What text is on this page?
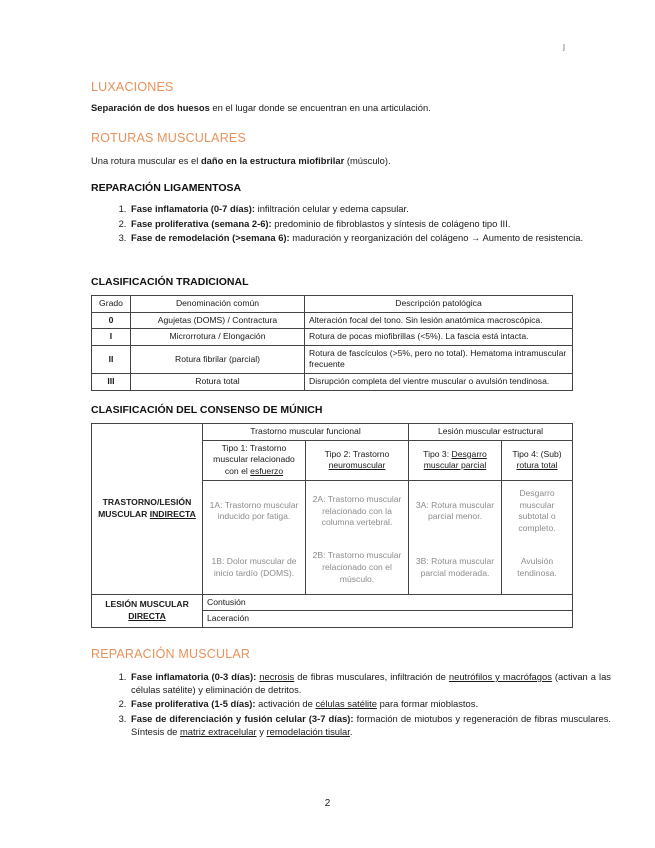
ȷ
LUXACIONES

Separación de dos huesos en el lugar donde se encuentran en una articulación.

ROTURAS MUSCULARES

Una rotura muscular es el daño en la estructura miofibrilar (músculo).

REPARACIÓN LIGAMENTOSA
1. Fase inflamatoria (0-7 días): infiltración celular y edema capsular.
2. Fase proliferativa (semana 2-6): predominio de fibroblastos y síntesis de colágeno tipo III.
3. Fase de remodelación (>semana 6): maduración y reorganización del colágeno → Aumento de resistencia.
CLASIFICACIÓN TRADICIONAL
Grado	Denominación común	Descripción patológica
0	Agujetas (DOMS) / Contractura	Alteración focal del tono. Sin lesión anatómica macroscópica.
I	Microrrotura / Elongación	Rotura de pocas miofibrillas (<5%). La fascia está intacta.
II	Rotura fibrilar (parcial)	Rotura de fascículos (>5%, pero no total). Hematoma intramuscular frecuente
III	Rotura total	Disrupción completa del vientre muscular o avulsión tendinosa.
CLASIFICACIÓN DEL CONSENSO DE MÚNICH
TRASTORNO/LESIÓN MUSCULAR INDIRECTA	Trastorno muscular funcional		Lesión muscular estructural	
	Tipo 1: Trastorno muscular relacionado con el esfuerzo	Tipo 2: Trastorno neuromuscular	Tipo 3: Desgarro muscular parcial	Tipo 4: (Sub) rotura total
	1A: Trastorno muscular inducido por fatiga.	2A: Trastorno muscular relacionado con la columna vertebral.	3A: Rotura muscular parcial menor.	Desgarro muscular subtotal o completo.
	1B: Dolor muscular de inicio tardío (DOMS).	2B: Trastorno muscular relacionado con el músculo.	3B: Rotura muscular parcial moderada.	Avulsión tendinosa.
LESIÓN MUSCULAR
DIRECTA	Contusión			
	Laceración			
REPARACIÓN MUSCULAR
1. Fase inflamatoria (0-3 días): necrosis de fibras musculares, infiltración de neutrófilos y macrófagos (activan a las células satélite) y eliminación de detritos.
2. Fase proliferativa (1-5 días): activación de células satélite para formar mioblastos.
3. Fase de diferenciación y fusión celular (3-7 días): formación de miotubos y regeneración de fibras musculares. Síntesis de matriz extracelular y remodelación tisular.
2
